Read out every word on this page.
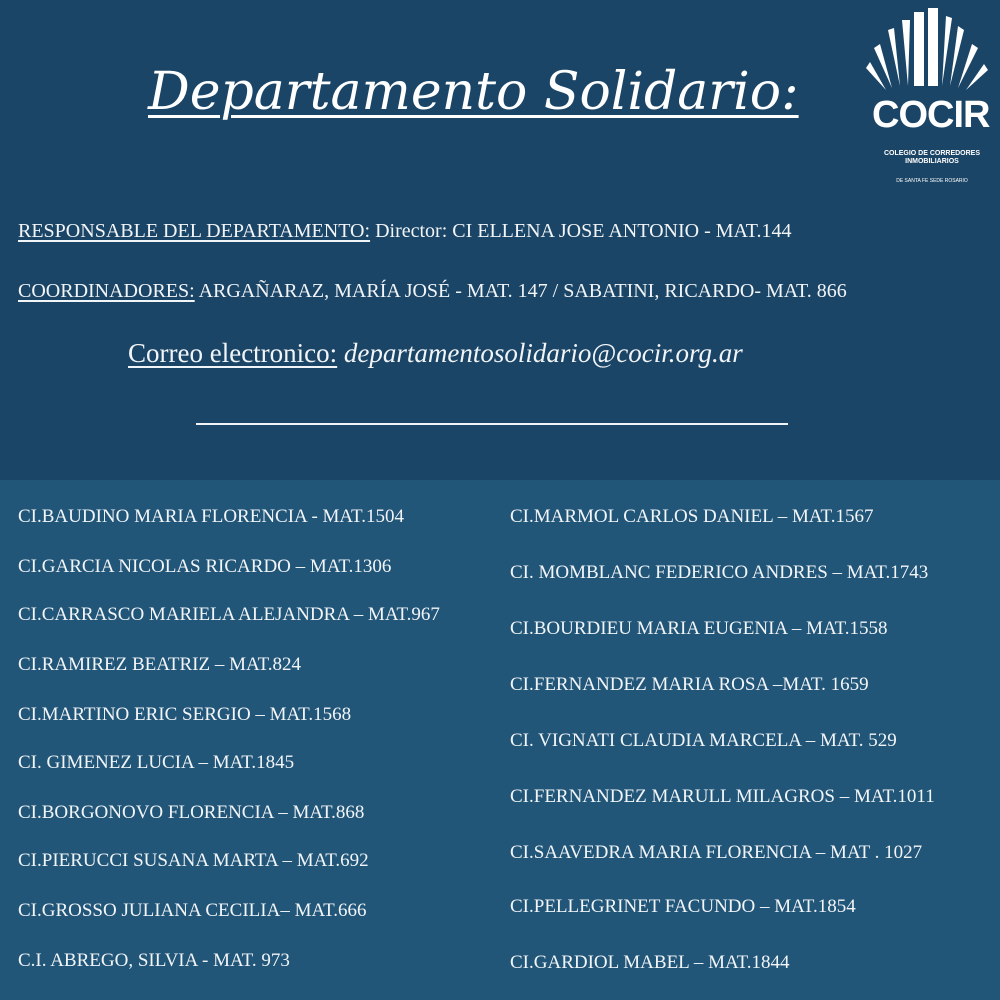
Departamento Solidario: COCIR
COLEGIO DE CORREDORES INMOBILIARIOS
DE SANTA FE SEDE ROSARIO
RESPONSABLE DEL DEPARTAMENTO: Director: CI ELLENA JOSE ANTONIO - MAT.144
COORDINADORES: ARGAÑARAZ, MARÍA JOSÉ - MAT. 147 / SABATINI, RICARDO- MAT. 866
Correo electronico: departamentosolidario@cocir.org.ar
CI.BAUDINO MARIA FLORENCIA - MAT.1504
CI.GARCIA NICOLAS RICARDO – MAT.1306
CI.CARRASCO MARIELA ALEJANDRA – MAT.967
CI.RAMIREZ BEATRIZ – MAT.824
CI.MARTINO ERIC SERGIO – MAT.1568
CI. GIMENEZ LUCIA – MAT.1845
CI.BORGONOVO FLORENCIA – MAT.868
CI.PIERUCCI SUSANA MARTA – MAT.692
CI.GROSSO JULIANA CECILIA– MAT.666
C.I. ABREGO, SILVIA - MAT. 973
CI.MARMOL CARLOS DANIEL – MAT.1567
CI. MOMBLANC FEDERICO ANDRES – MAT.1743
CI.BOURDIEU MARIA EUGENIA – MAT.1558
CI.FERNANDEZ MARIA ROSA –MAT. 1659
CI. VIGNATI CLAUDIA MARCELA – MAT. 529
CI.FERNANDEZ MARULL MILAGROS – MAT.1011
CI.SAAVEDRA MARIA FLORENCIA – MAT . 1027
CI.PELLEGRINET FACUNDO – MAT.1854
CI.GARDIOL MABEL – MAT.1844
